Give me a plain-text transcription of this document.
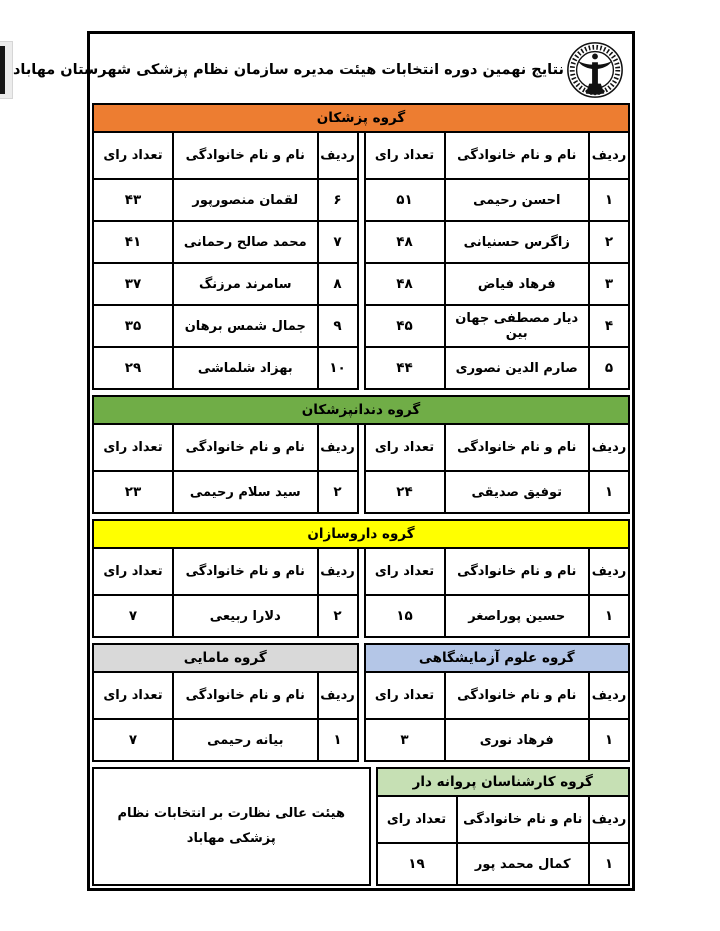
نتایج نهمین دوره انتخابات هیئت مدیره سازمان نظام پزشکی شهرستان مهاباد
گروه پزشکان
ردیف
نام و نام خانوادگی
تعداد رای
۱
احسن رحیمی
۵۱
۲
زاگرس حسنیانی
۴۸
۳
فرهاد فیاض
۴۸
۴
دیار مصطفی جهان بین
۴۵
۵
صارم الدین نصوری
۴۴
ردیف
نام و نام خانوادگی
تعداد رای
۶
لقمان منصورپور
۴۳
۷
محمد صالح رحمانی
۴۱
۸
سامرند مرزنگ
۳۷
۹
جمال شمس برهان
۳۵
۱۰
بهزاد شلماشی
۲۹
گروه دندانپزشکان
ردیف
نام و نام خانوادگی
تعداد رای
۱
توفیق صدیقی
۲۴
ردیف
نام و نام خانوادگی
تعداد رای
۲
سید سلام رحیمی
۲۳
گروه داروسازان
ردیف
نام و نام خانوادگی
تعداد رای
۱
حسین پوراصغر
۱۵
ردیف
نام و نام خانوادگی
تعداد رای
۲
دلارا ربیعی
۷
گروه علوم آزمایشگاهی
ردیف
نام و نام خانوادگی
تعداد رای
۱
فرهاد نوری
۳
گروه مامایی
ردیف
نام و نام خانوادگی
تعداد رای
۱
بیانه رحیمی
۷
گروه کارشناسان پروانه دار
ردیف
نام و نام خانوادگی
تعداد رای
۱
کمال محمد پور
۱۹
هیئت عالی نظارت بر انتخابات نظام پزشکی مهاباد
